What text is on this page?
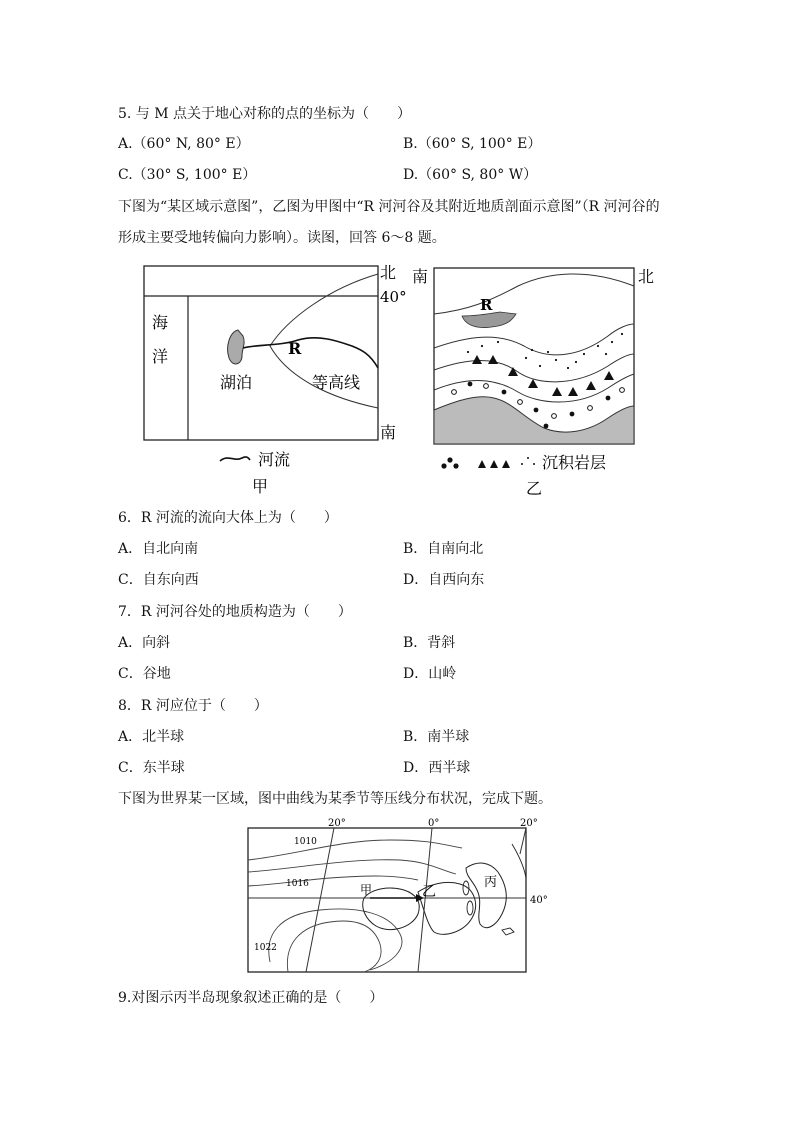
5. 与 M 点关于地心对称的点的坐标为（　　）
A.（60° N, 80° E）	B.（60° S, 100° E）
C.（30° S, 100° E）	D.（60° S, 80° W）
下图为“某区域示意图”，乙图为甲图中“R 河河谷及其附近地质剖面示意图”（R 河河谷的
形成主要受地转偏向力影响）。读图，回答 6～8 题。
北
40°
南
海
洋
湖泊
R
等高线
河流
甲
南	北
R
沉积岩层
乙
6．R 河流的流向大体上为（　　）
A．自北向南	B．自南向北
C．自东向西	D．自西向东
7．R 河河谷处的地质构造为（　　）
A．向斜	B．背斜
C．谷地	D．山岭
8．R 河应位于（　　）
A．北半球	B．南半球
C．东半球	D．西半球
下图为世界某一区域，图中曲线为某季节等压线分布状况，完成下题。
20°	0°	20°
40°
1010
1016
1022
甲	乙
丙
9.对图示丙半岛现象叙述正确的是（　　）
